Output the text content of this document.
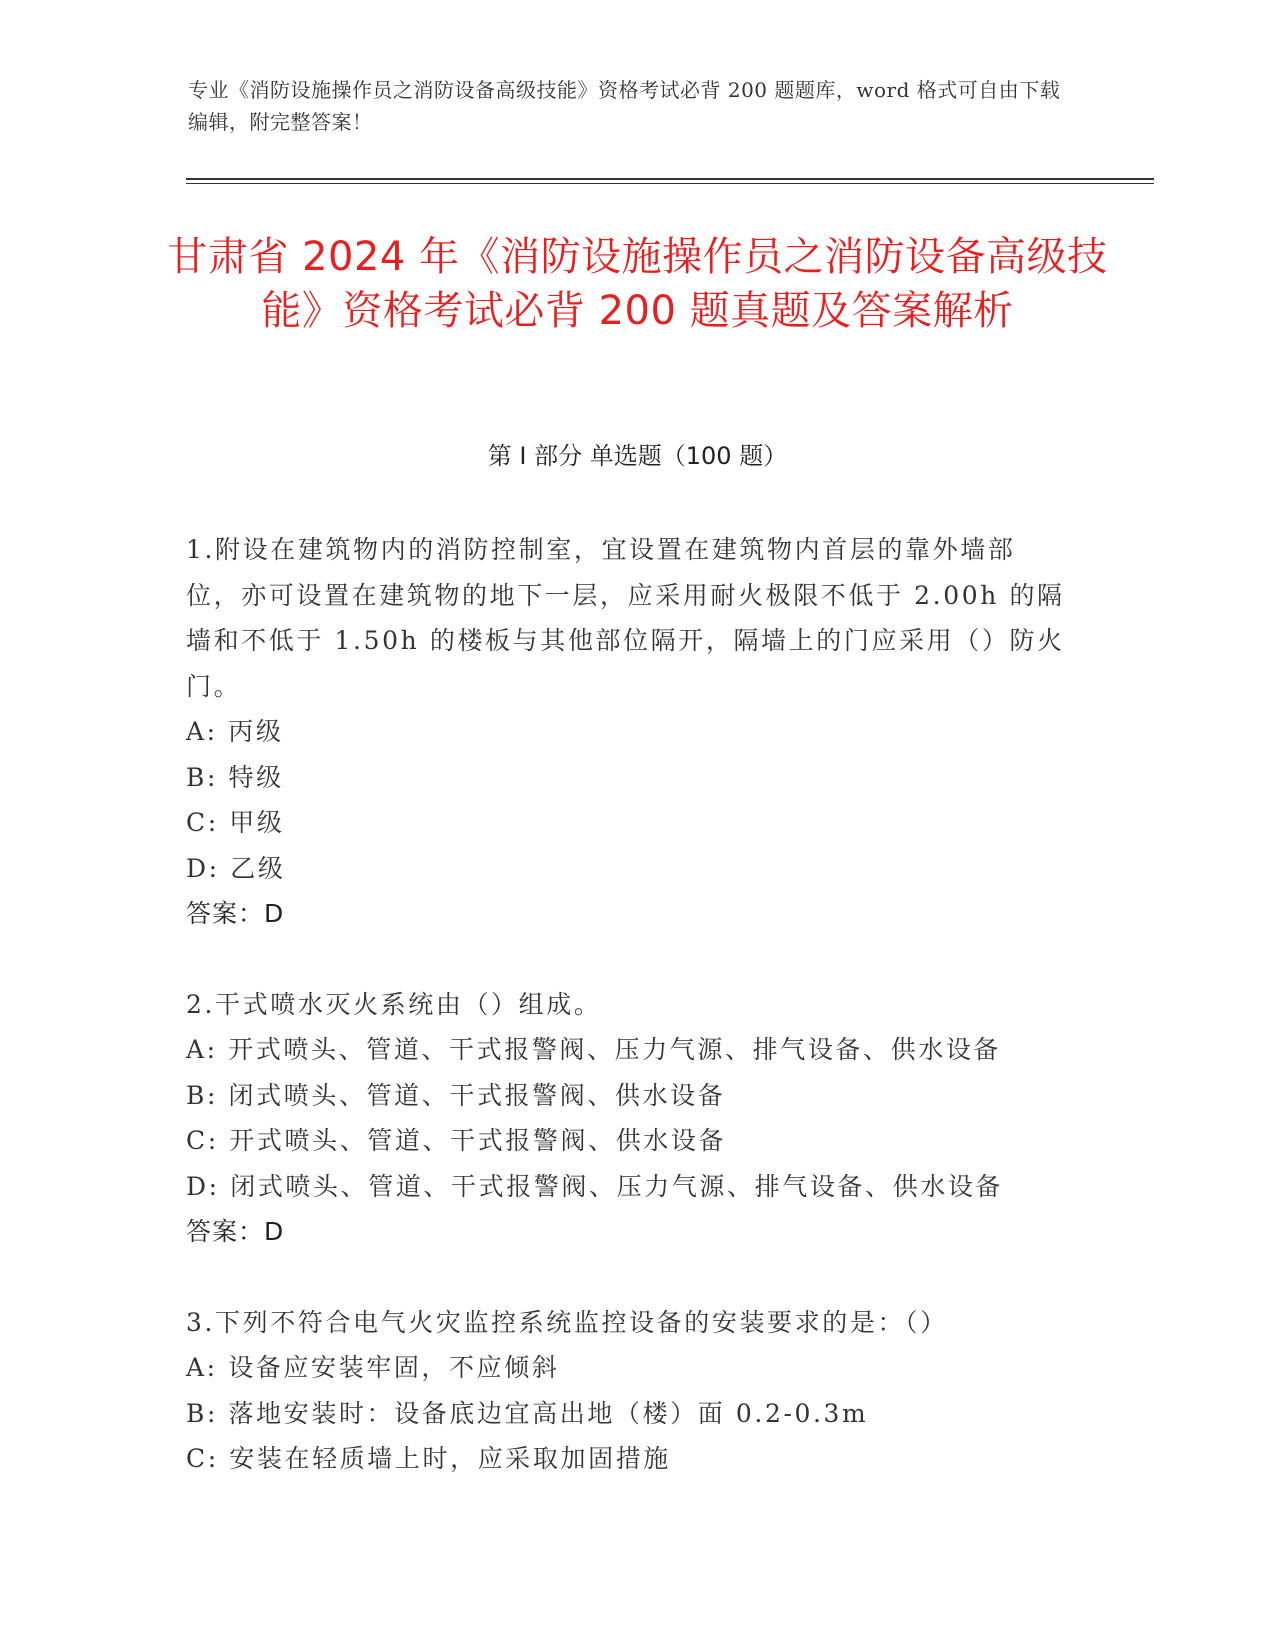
专业《消防设施操作员之消防设备高级技能》资格考试必背 200 题题库，word 格式可自由下载编辑，附完整答案！
甘肃省 2024 年《消防设施操作员之消防设备高级技能》资格考试必背 200 题真题及答案解析
第 I 部分 单选题（100 题）
1.附设在建筑物内的消防控制室，宜设置在建筑物内首层的靠外墙部位，亦可设置在建筑物的地下一层，应采用耐火极限不低于 2.00h 的隔墙和不低于 1.50h 的楼板与其他部位隔开，隔墙上的门应采用（）防火门。
A: 丙级
B: 特级
C: 甲级
D: 乙级
答案：D
2.干式喷水灭火系统由（）组成。
A: 开式喷头、管道、干式报警阀、压力气源、排气设备、供水设备
B: 闭式喷头、管道、干式报警阀、供水设备
C: 开式喷头、管道、干式报警阀、供水设备
D: 闭式喷头、管道、干式报警阀、压力气源、排气设备、供水设备
答案：D
3.下列不符合电气火灾监控系统监控设备的安装要求的是：（）
A: 设备应安装牢固，不应倾斜
B: 落地安装时：设备底边宜高出地（楼）面 0.2-0.3m
C: 安装在轻质墙上时，应采取加固措施
